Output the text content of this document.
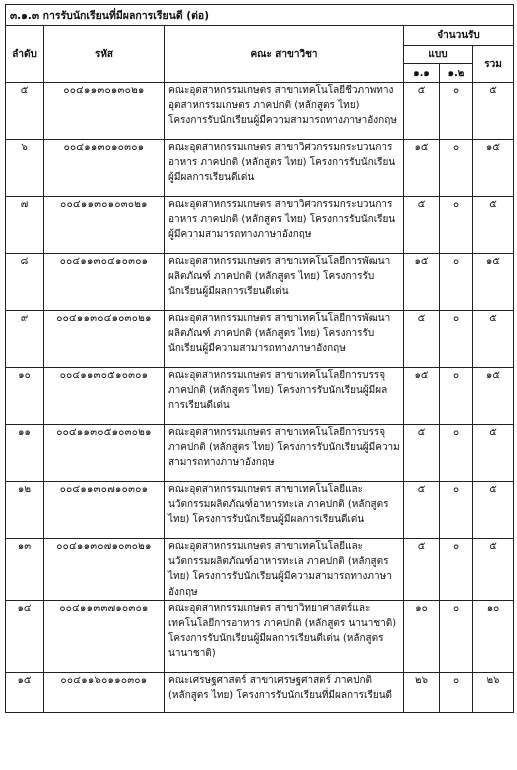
๓.๑.๓ การรับนักเรียนที่มีผลการเรียนดี (ต่อ)					
ลำดับ	รหัส	คณะ สาขาวิชา	จำนวนรับ		
			แบบ		รวม
			๑.๑	๑.๒	
๕	๐๐๔๑๑๓๐๑๓๐๒๑	คณะอุตสาหกรรมเกษตร สาขาเทคโนโลยีชีวภาพทางอุตสาหกรรมเกษตร ภาคปกติ (หลักสูตร ไทย) โครงการรับนักเรียนผู้มีความสามารถทางภาษาอังกฤษ	๕	๐	๕
๖	๐๐๔๑๑๓๐๑๐๓๐๑	คณะอุตสาหกรรมเกษตร สาขาวิศวกรรมกระบวนการอาหาร ภาคปกติ (หลักสูตร ไทย) โครงการรับนักเรียนผู้มีผลการเรียนดีเด่น	๑๕	๐	๑๕
๗	๐๐๔๑๑๓๐๑๐๓๐๒๑	คณะอุตสาหกรรมเกษตร สาขาวิศวกรรมกระบวนการอาหาร ภาคปกติ (หลักสูตร ไทย) โครงการรับนักเรียนผู้มีความสามารถทางภาษาอังกฤษ	๕	๐	๕
๘	๐๐๔๑๑๓๐๔๑๐๓๐๑	คณะอุตสาหกรรมเกษตร สาขาเทคโนโลยีการพัฒนาผลิตภัณฑ์ ภาคปกติ (หลักสูตร ไทย) โครงการรับนักเรียนผู้มีผลการเรียนดีเด่น	๑๕	๐	๑๕
๙	๐๐๔๑๑๓๐๔๑๐๓๐๒๑	คณะอุตสาหกรรมเกษตร สาขาเทคโนโลยีการพัฒนาผลิตภัณฑ์ ภาคปกติ (หลักสูตร ไทย) โครงการรับนักเรียนผู้มีความสามารถทางภาษาอังกฤษ	๕	๐	๕
๑๐	๐๐๔๑๑๓๐๕๑๐๓๐๑	คณะอุตสาหกรรมเกษตร สาขาเทคโนโลยีการบรรจุ ภาคปกติ (หลักสูตร ไทย) โครงการรับนักเรียนผู้มีผลการเรียนดีเด่น	๑๕	๐	๑๕
๑๑	๐๐๔๑๑๓๐๕๑๐๓๐๒๑	คณะอุตสาหกรรมเกษตร สาขาเทคโนโลยีการบรรจุ ภาคปกติ (หลักสูตร ไทย) โครงการรับนักเรียนผู้มีความสามารถทางภาษาอังกฤษ	๕	๐	๕
๑๒	๐๐๔๑๑๓๐๗๑๐๓๐๑	คณะอุตสาหกรรมเกษตร สาขาเทคโนโลยีและนวัตกรรมผลิตภัณฑ์อาหารทะเล ภาคปกติ (หลักสูตร ไทย) โครงการรับนักเรียนผู้มีผลการเรียนดีเด่น	๕	๐	๕
๑๓	๐๐๔๑๑๓๐๗๑๐๓๐๒๑	คณะอุตสาหกรรมเกษตร สาขาเทคโนโลยีและนวัตกรรมผลิตภัณฑ์อาหารทะเล ภาคปกติ (หลักสูตร ไทย) โครงการรับนักเรียนผู้มีความสามารถทางภาษาอังกฤษ	๕	๐	๕
๑๔	๐๐๔๑๑๓๓๗๑๐๓๐๑	คณะอุตสาหกรรมเกษตร สาขาวิทยาศาสตร์และเทคโนโลยีการอาหาร ภาคปกติ (หลักสูตร นานาชาติ) โครงการรับนักเรียนผู้มีผลการเรียนดีเด่น (หลักสูตรนานาชาติ)	๑๐	๐	๑๐
๑๕	๐๐๔๑๑๖๐๑๑๐๓๐๑	คณะเศรษฐศาสตร์ สาขาเศรษฐศาสตร์ ภาคปกติ (หลักสูตร ไทย) โครงการรับนักเรียนที่มีผลการเรียนดี	๒๖	๐	๒๖
